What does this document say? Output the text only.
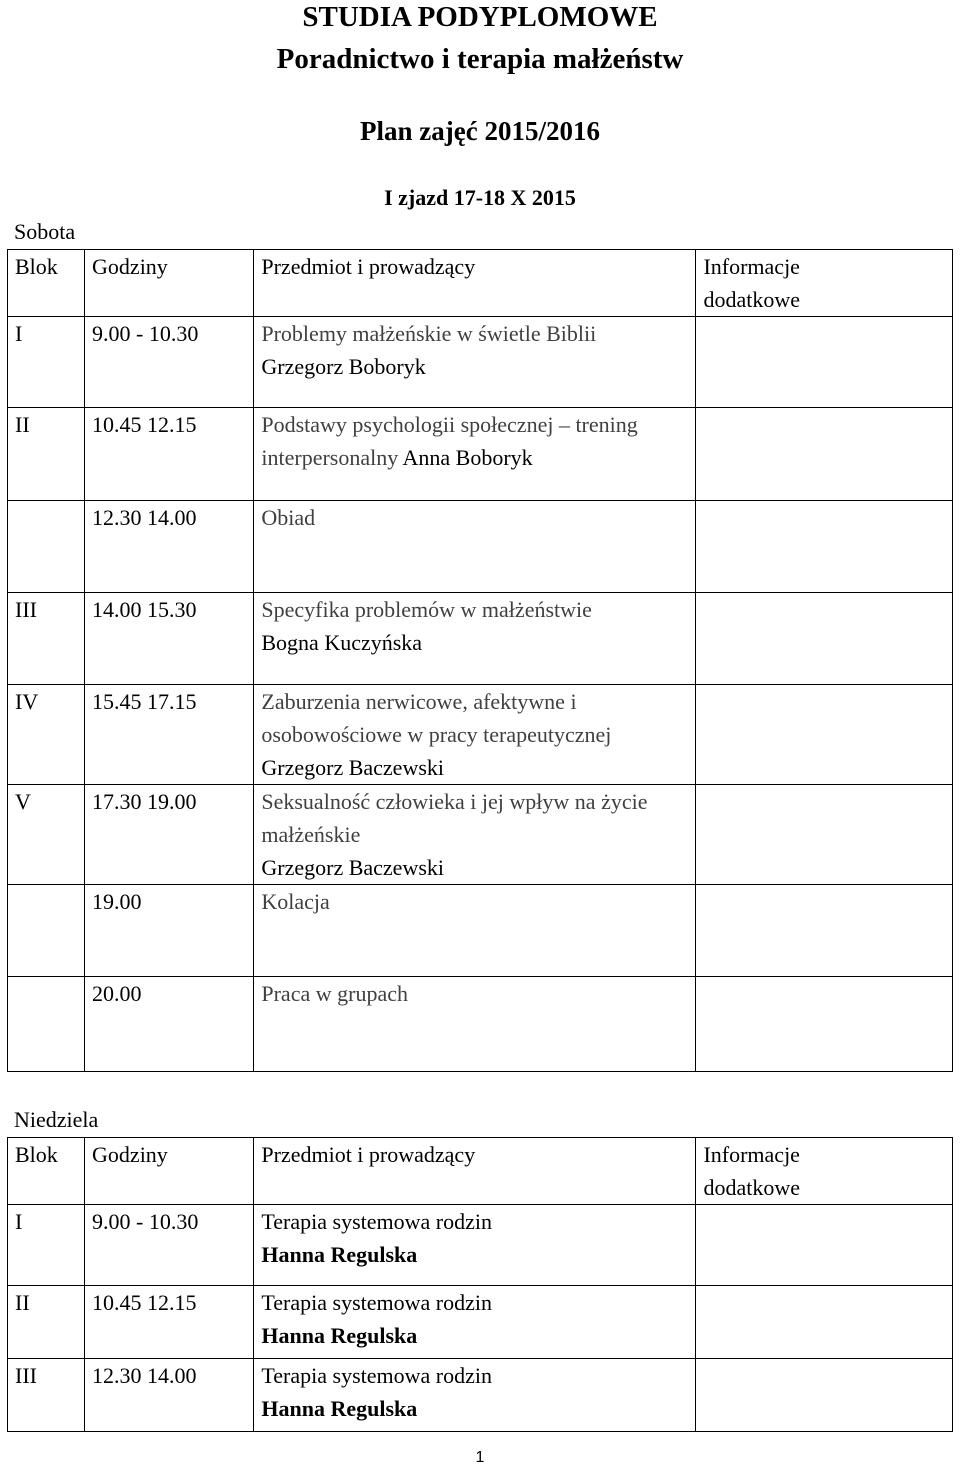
STUDIA PODYPLOMOWE
Poradnictwo i terapia małżeństw
Plan zajęć 2015/2016
I zjazd 17-18 X 2015
Sobota
Blok	Godziny	Przedmiot i prowadzący	Informacje
dodatkowe
I	9.00 - 10.30	Problemy małżeńskie w świetle Biblii
Grzegorz Boboryk	
II	10.45 12.15	Podstawy psychologii społecznej – trening interpersonalny Anna Boboryk	
	12.30 14.00	Obiad	
III	14.00 15.30	Specyfika problemów w małżeństwie
Bogna Kuczyńska	
IV	15.45 17.15	Zaburzenia nerwicowe, afektywne i osobowościowe w pracy terapeutycznej
Grzegorz Baczewski	
V	17.30 19.00	Seksualność człowieka i jej wpływ na życie małżeńskie
Grzegorz Baczewski	
	19.00	Kolacja	
	20.00	Praca w grupach	
Niedziela
Blok	Godziny	Przedmiot i prowadzący	Informacje
dodatkowe
I	9.00 - 10.30	Terapia systemowa rodzin
Hanna Regulska	
II	10.45 12.15	Terapia systemowa rodzin
Hanna Regulska	
III	12.30 14.00	Terapia systemowa rodzin
Hanna Regulska	
1
